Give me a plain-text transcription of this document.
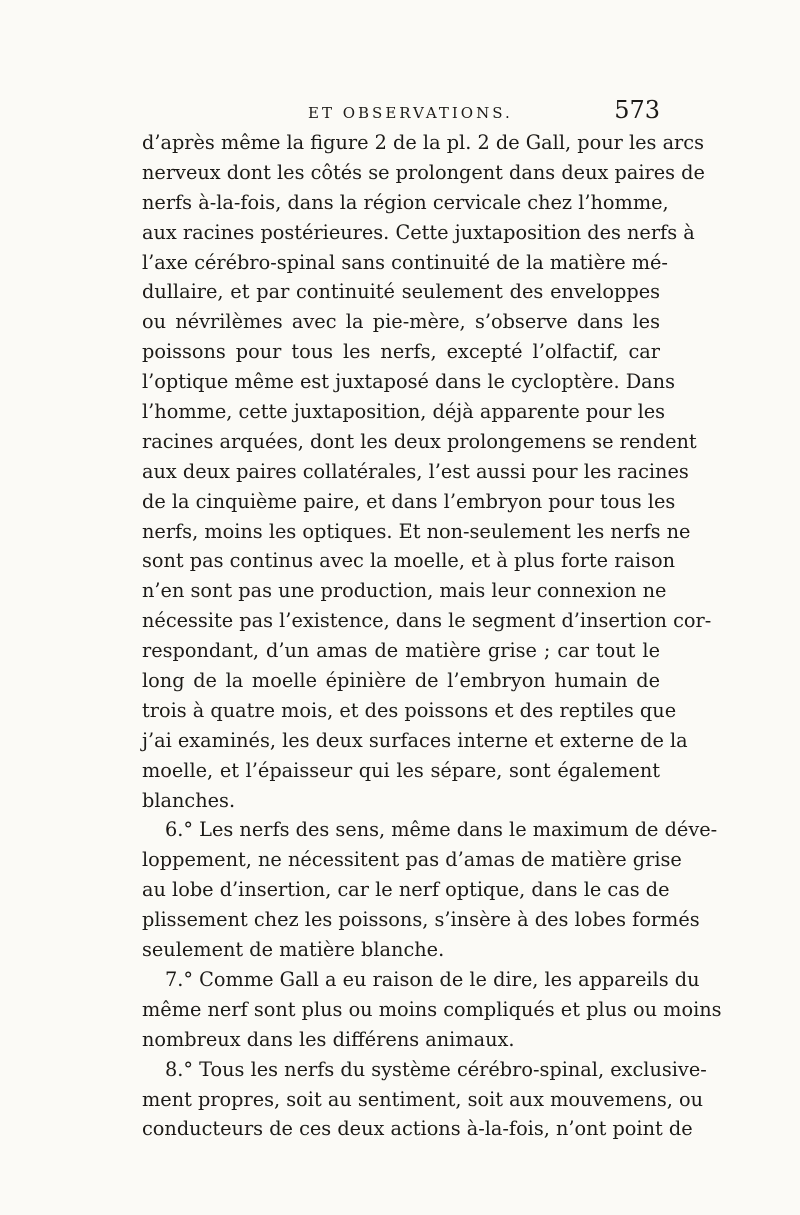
ET OBSERVATIONS.	573
d’après même la figure 2 de la pl. 2 de Gall, pour les arcs
nerveux dont les côtés se prolongent dans deux paires de
nerfs à-la-fois, dans la région cervicale chez l’homme,
aux racines postérieures. Cette juxtaposition des nerfs à
l’axe cérébro-spinal sans continuité de la matière mé-
dullaire, et par continuité seulement des enveloppes
ou névrilèmes avec la pie-mère, s’observe dans les
poissons pour tous les nerfs, excepté l’olfactif, car
l’optique même est juxtaposé dans le cycloptère. Dans
l’homme, cette juxtaposition, déjà apparente pour les
racines arquées, dont les deux prolongemens se rendent
aux deux paires collatérales, l’est aussi pour les racines
de la cinquième paire, et dans l’embryon pour tous les
nerfs, moins les optiques. Et non-seulement les nerfs ne
sont pas continus avec la moelle, et à plus forte raison
n’en sont pas une production, mais leur connexion ne
nécessite pas l’existence, dans le segment d’insertion cor-
respondant, d’un amas de matière grise ; car tout le
long de la moelle épinière de l’embryon humain de
trois à quatre mois, et des poissons et des reptiles que
j’ai examinés, les deux surfaces interne et externe de la
moelle, et l’épaisseur qui les sépare, sont également
blanches.
6.° Les nerfs des sens, même dans le maximum de déve-
loppement, ne nécessitent pas d’amas de matière grise
au lobe d’insertion, car le nerf optique, dans le cas de
plissement chez les poissons, s’insère à des lobes formés
seulement de matière blanche.
7.° Comme Gall a eu raison de le dire, les appareils du
même nerf sont plus ou moins compliqués et plus ou moins
nombreux dans les différens animaux.
8.° Tous les nerfs du système cérébro-spinal, exclusive-
ment propres, soit au sentiment, soit aux mouvemens, ou
conducteurs de ces deux actions à-la-fois, n’ont point de
